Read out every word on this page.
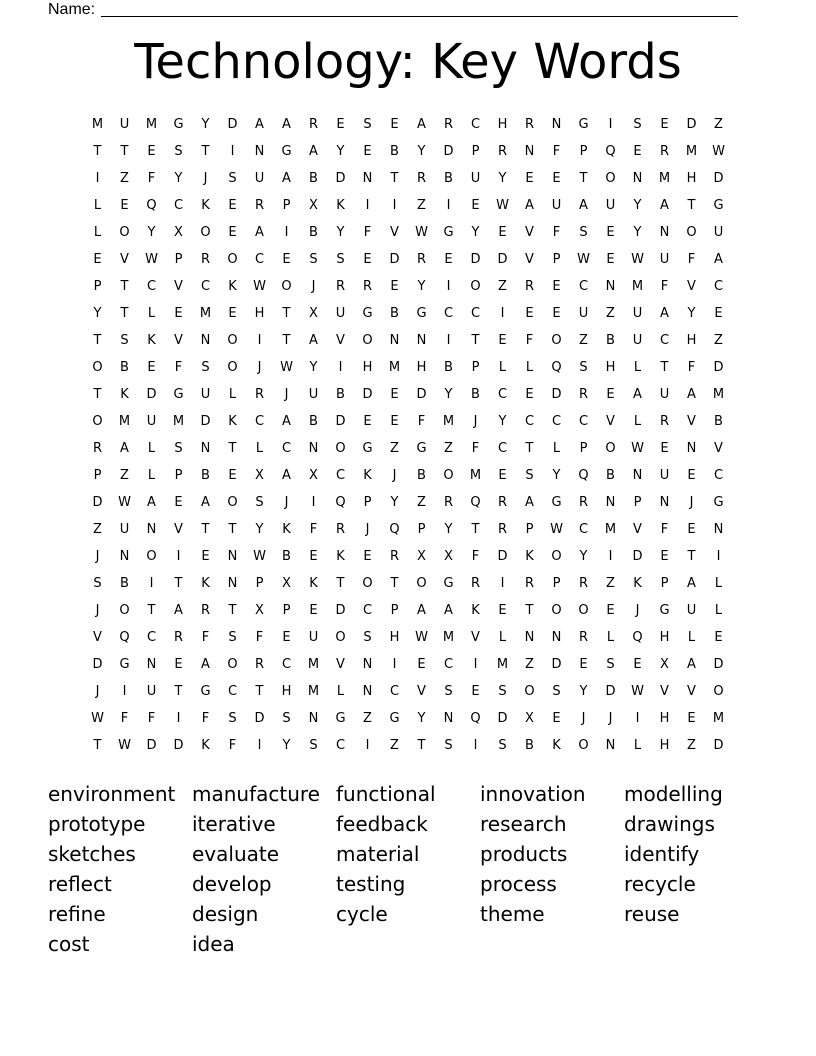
Name:
Technology: Key Words
M	U	M	G	Y	D	A	A	R	E	S	E	A	R	C	H	R	N	G	I	S	E	D	Z
T	T	E	S	T	I	N	G	A	Y	E	B	Y	D	P	R	N	F	P	Q	E	R	M	W
I	Z	F	Y	J	S	U	A	B	D	N	T	R	B	U	Y	E	E	T	O	N	M	H	D
L	E	Q	C	K	E	R	P	X	K	I	I	Z	I	E	W	A	U	A	U	Y	A	T	G
L	O	Y	X	O	E	A	I	B	Y	F	V	W	G	Y	E	V	F	S	E	Y	N	O	U
E	V	W	P	R	O	C	E	S	S	E	D	R	E	D	D	V	P	W	E	W	U	F	A
P	T	C	V	C	K	W	O	J	R	R	E	Y	I	O	Z	R	E	C	N	M	F	V	C
Y	T	L	E	M	E	H	T	X	U	G	B	G	C	C	I	E	E	U	Z	U	A	Y	E
T	S	K	V	N	O	I	T	A	V	O	N	N	I	T	E	F	O	Z	B	U	C	H	Z
O	B	E	F	S	O	J	W	Y	I	H	M	H	B	P	L	L	Q	S	H	L	T	F	D
T	K	D	G	U	L	R	J	U	B	D	E	D	Y	B	C	E	D	R	E	A	U	A	M
O	M	U	M	D	K	C	A	B	D	E	E	F	M	J	Y	C	C	C	V	L	R	V	B
R	A	L	S	N	T	L	C	N	O	G	Z	G	Z	F	C	T	L	P	O	W	E	N	V
P	Z	L	P	B	E	X	A	X	C	K	J	B	O	M	E	S	Y	Q	B	N	U	E	C
D	W	A	E	A	O	S	J	I	Q	P	Y	Z	R	Q	R	A	G	R	N	P	N	J	G
Z	U	N	V	T	T	Y	K	F	R	J	Q	P	Y	T	R	P	W	C	M	V	F	E	N
J	N	O	I	E	N	W	B	E	K	E	R	X	X	F	D	K	O	Y	I	D	E	T	I
S	B	I	T	K	N	P	X	K	T	O	T	O	G	R	I	R	P	R	Z	K	P	A	L
J	O	T	A	R	T	X	P	E	D	C	P	A	A	K	E	T	O	O	E	J	G	U	L
V	Q	C	R	F	S	F	E	U	O	S	H	W	M	V	L	N	N	R	L	Q	H	L	E
D	G	N	E	A	O	R	C	M	V	N	I	E	C	I	M	Z	D	E	S	E	X	A	D
J	I	U	T	G	C	T	H	M	L	N	C	V	S	E	S	O	S	Y	D	W	V	V	O
W	F	F	I	F	S	D	S	N	G	Z	G	Y	N	Q	D	X	E	J	J	I	H	E	M
T	W	D	D	K	F	I	Y	S	C	I	Z	T	S	I	S	B	K	O	N	L	H	Z	D
environment manufacture functional	innovation	modelling
prototype	iterative	feedback	research	drawings
sketches	evaluate	material	products	identify
reflect	develop	testing	process	recycle
refine	design	cycle	theme	reuse
cost	idea
